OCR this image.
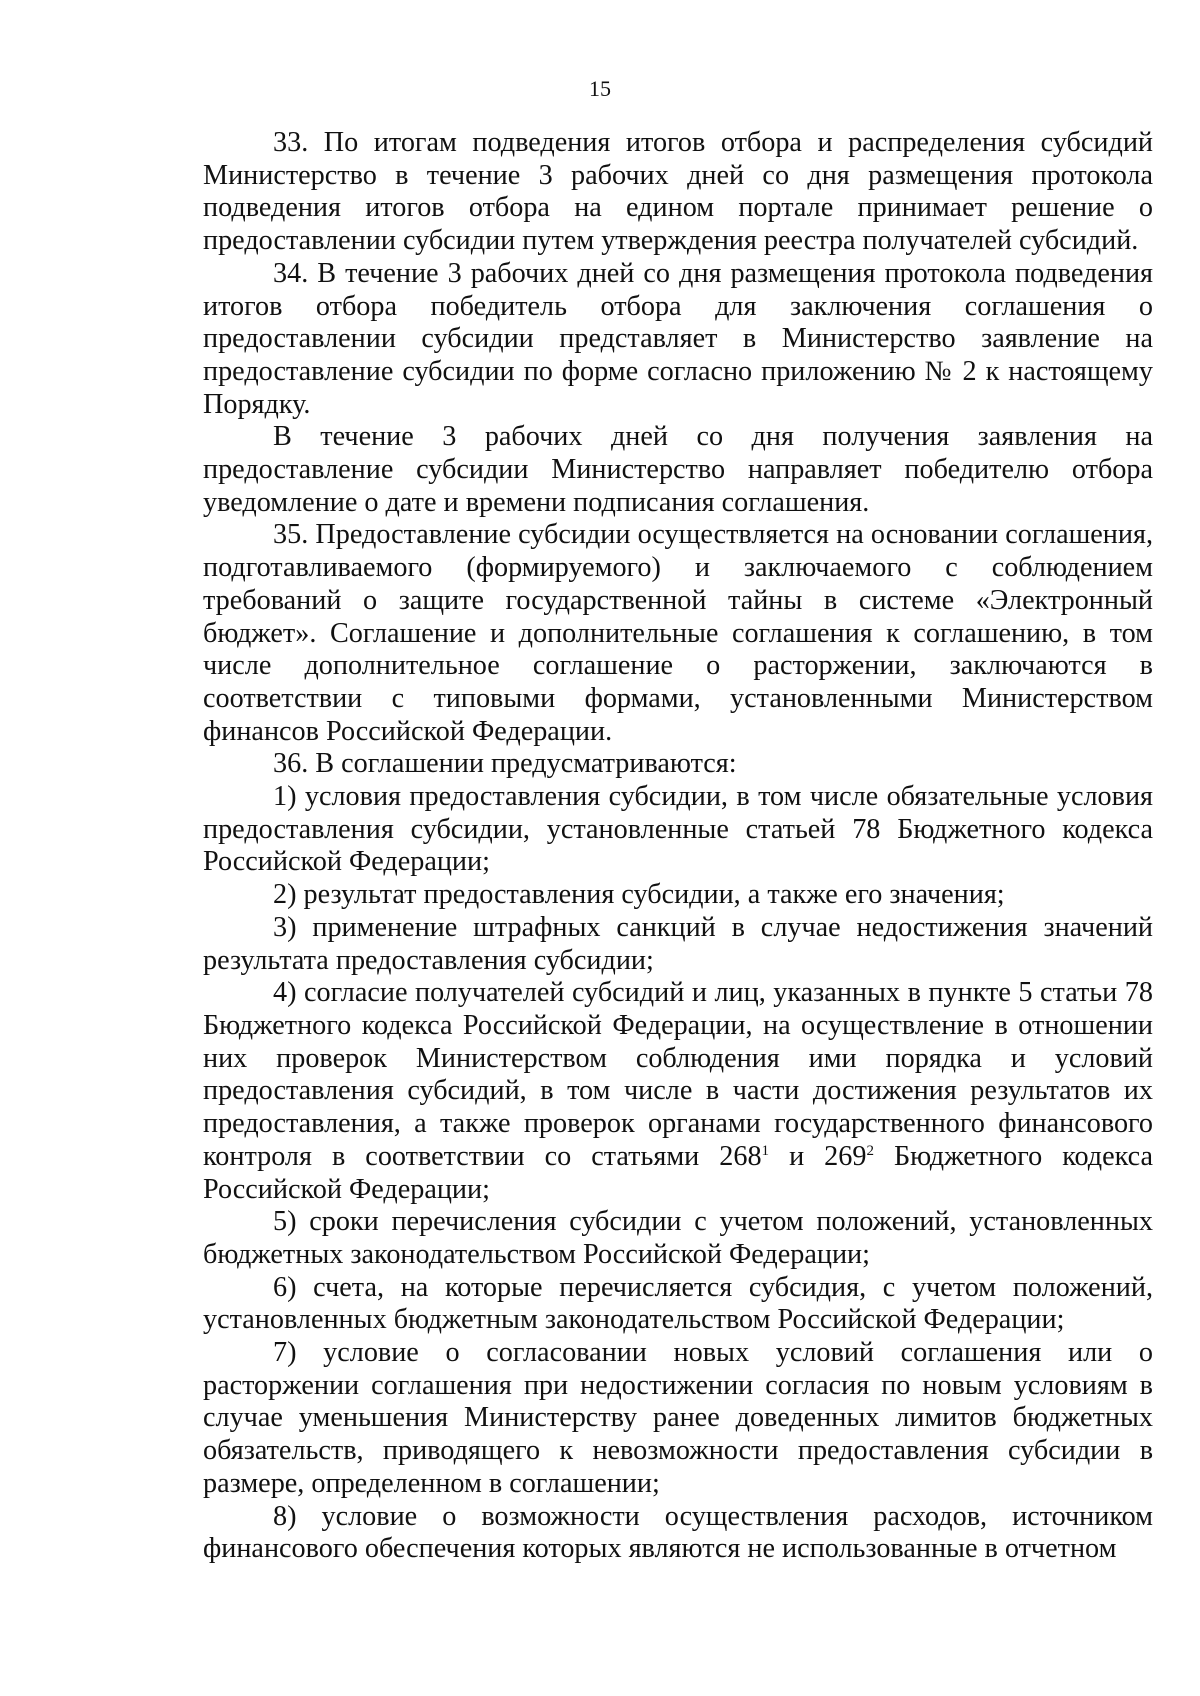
15

33. По итогам подведения итогов отбора и распределения субсидий Министерство в течение 3 рабочих дней со дня размещения протокола подведения итогов отбора на едином портале принимает решение о предоставлении субсидии путем утверждения реестра получателей субсидий.

34. В течение 3 рабочих дней со дня размещения протокола подведения итогов отбора победитель отбора для заключения соглашения о предоставлении субсидии представляет в Министерство заявление на предоставление субсидии по форме согласно приложению № 2 к настоящему Порядку.

В течение 3 рабочих дней со дня получения заявления на предоставление субсидии Министерство направляет победителю отбора уведомление о дате и времени подписания соглашения.

35. Предоставление субсидии осуществляется на основании соглашения, подготавливаемого (формируемого) и заключаемого с соблюдением требований о защите государственной тайны в системе «Электронный бюджет». Соглашение и дополнительные соглашения к соглашению, в том числе дополнительное соглашение о расторжении, заключаются в соответствии с типовыми формами, установленными Министерством финансов Российской Федерации.

36. В соглашении предусматриваются:

1) условия предоставления субсидии, в том числе обязательные условия предоставления субсидии, установленные статьей 78 Бюджетного кодекса Российской Федерации;

2) результат предоставления субсидии, а также его значения;

3) применение штрафных санкций в случае недостижения значений результата предоставления субсидии;

4) согласие получателей субсидий и лиц, указанных в пункте 5 статьи 78 Бюджетного кодекса Российской Федерации, на осуществление в отношении них проверок Министерством соблюдения ими порядка и условий предоставления субсидий, в том числе в части достижения результатов их предоставления, а также проверок органами государственного финансового контроля в соответствии со статьями $268^1$ и $269^2$ Бюджетного кодекса Российской Федерации;

5) сроки перечисления субсидии с учетом положений, установленных бюджетных законодательством Российской Федерации;

6) счета, на которые перечисляется субсидия, с учетом положений, установленных бюджетным законодательством Российской Федерации;

7) условие о согласовании новых условий соглашения или о расторжении соглашения при недостижении согласия по новым условиям в случае уменьшения Министерству ранее доведенных лимитов бюджетных обязательств, приводящего к невозможности предоставления субсидии в размере, определенном в соглашении;

8) условие о возможности осуществления расходов, источником финансового обеспечения которых являются не использованные в отчетном
